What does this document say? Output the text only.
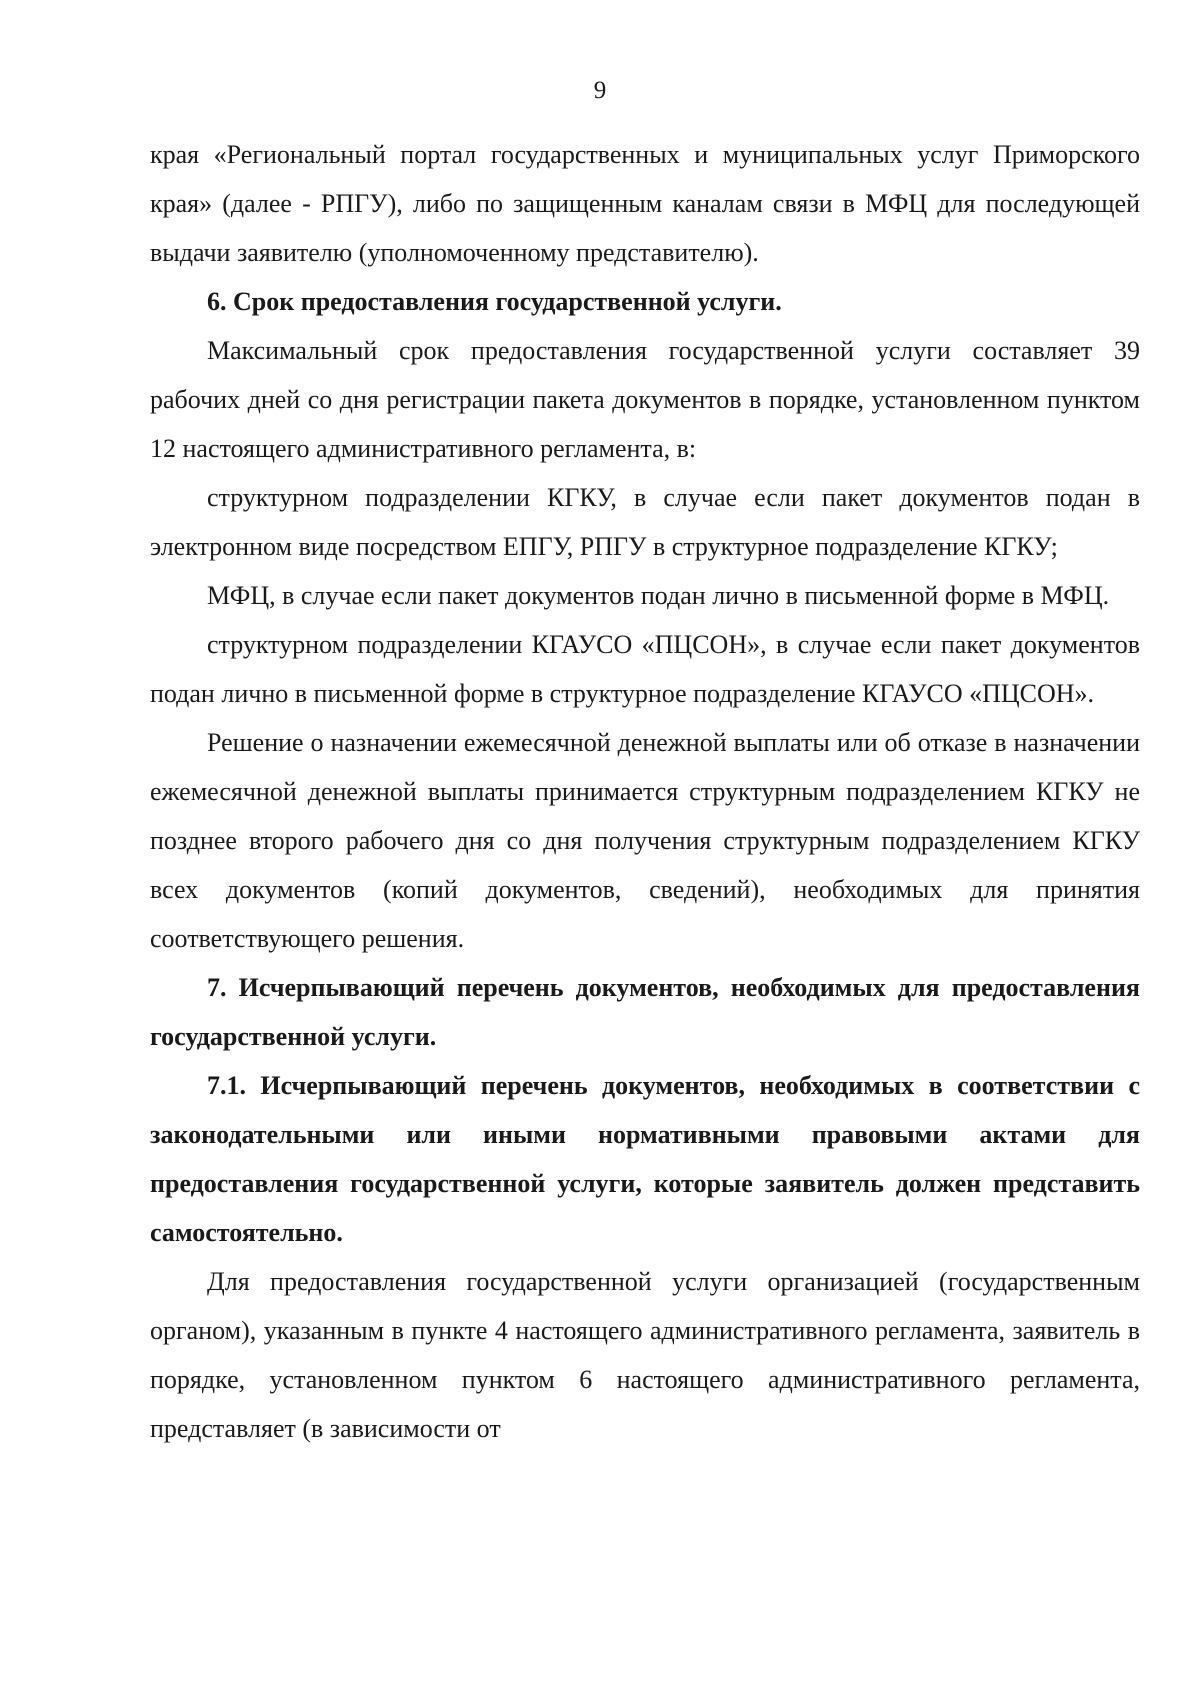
9

края «Региональный портал государственных и муниципальных услуг Приморского края» (далее - РПГУ), либо по защищенным каналам связи в МФЦ для последующей выдачи заявителю (уполномоченному представителю).

6. Срок предоставления государственной услуги.

Максимальный срок предоставления государственной услуги составляет 39 рабочих дней со дня регистрации пакета документов в порядке, установленном пунктом 12 настоящего административного регламента, в:

структурном подразделении КГКУ, в случае если пакет документов подан в электронном виде посредством ЕПГУ, РПГУ в структурное подразделение КГКУ;

МФЦ, в случае если пакет документов подан лично в письменной форме в МФЦ.

структурном подразделении КГАУСО «ПЦСОН», в случае если пакет документов подан лично в письменной форме в структурное подразделение КГАУСО «ПЦСОН».

Решение о назначении ежемесячной денежной выплаты или об отказе в назначении ежемесячной денежной выплаты принимается структурным подразделением КГКУ не позднее второго рабочего дня со дня получения структурным подразделением КГКУ всех документов (копий документов, сведений), необходимых для принятия соответствующего решения.

7. Исчерпывающий перечень документов, необходимых для предоставления государственной услуги.

7.1. Исчерпывающий перечень документов, необходимых в соответствии с законодательными или иными нормативными правовыми актами для предоставления государственной услуги, которые заявитель должен представить самостоятельно.

Для предоставления государственной услуги организацией (государственным органом), указанным в пункте 4 настоящего административного регламента, заявитель в порядке, установленном пунктом 6 настоящего административного регламента, представляет (в зависимости от
